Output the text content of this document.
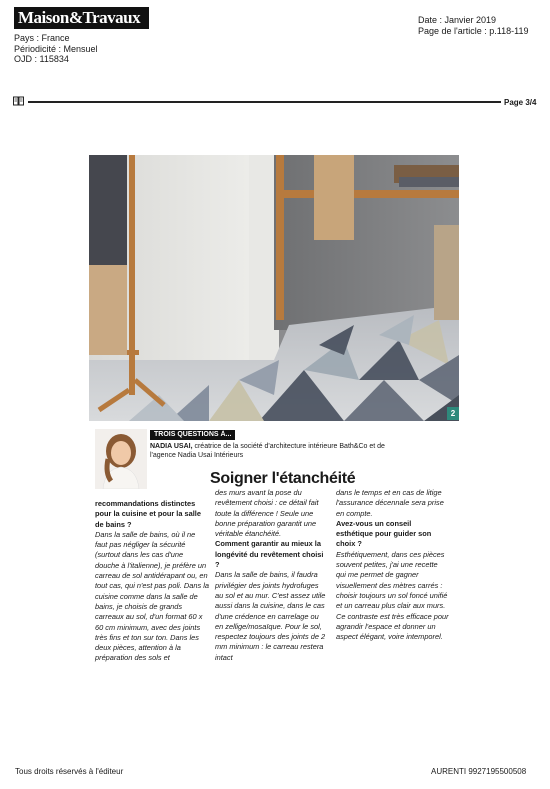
Maison&Travaux
Pays : France
Périodicité : Mensuel
OJD : 115834
Date : Janvier 2019
Page de l'article : p.118-119
Page 3/4
2
TROIS QUESTIONS À...
NADIA USAI, créatrice de la société d'architecture intérieure Bath&Co et de l'agence Nadia Usai Intérieurs
Soigner l'étanchéité

recommandations distinctes pour la cuisine et pour la salle de bains ?

Dans la salle de bains, où il ne faut pas négliger la sécurité (surtout dans les cas d'une douche à l'italienne), je préfère un carreau de sol antidérapant ou, en tout cas, qui n'est pas poli. Dans la cuisine comme dans la salle de bains, je choisis de grands carreaux au sol, d'un format 60 x 60 cm minimum, avec des joints très fins et ton sur ton. Dans les deux pièces, attention à la préparation des sols et

des murs avant la pose du revêtement choisi : ce détail fait toute la différence ! Seule une bonne préparation garantit une véritable étanchéité.

Comment garantir au mieux la longévité du revêtement choisi ?

Dans la salle de bains, il faudra privilégier des joints hydrofuges au sol et au mur. C'est assez utile aussi dans la cuisine, dans le cas d'une crédence en carrelage ou en zellige/mosaïque. Pour le sol, respectez toujours des joints de 2 mm minimum : le carreau restera intact

dans le temps et en cas de litige l'assurance décennale sera prise en compte.

Avez-vous un conseil esthétique pour guider son choix ?

Esthétiquement, dans ces pièces souvent petites, j'ai une recette qui me permet de gagner visuellement des mètres carrés : choisir toujours un sol foncé unifié et un carreau plus clair aux murs. Ce contraste est très efficace pour agrandir l'espace et donner un aspect élégant, voire intemporel.

Tous droits réservés à l'éditeur	AURENTI 9927195500508
